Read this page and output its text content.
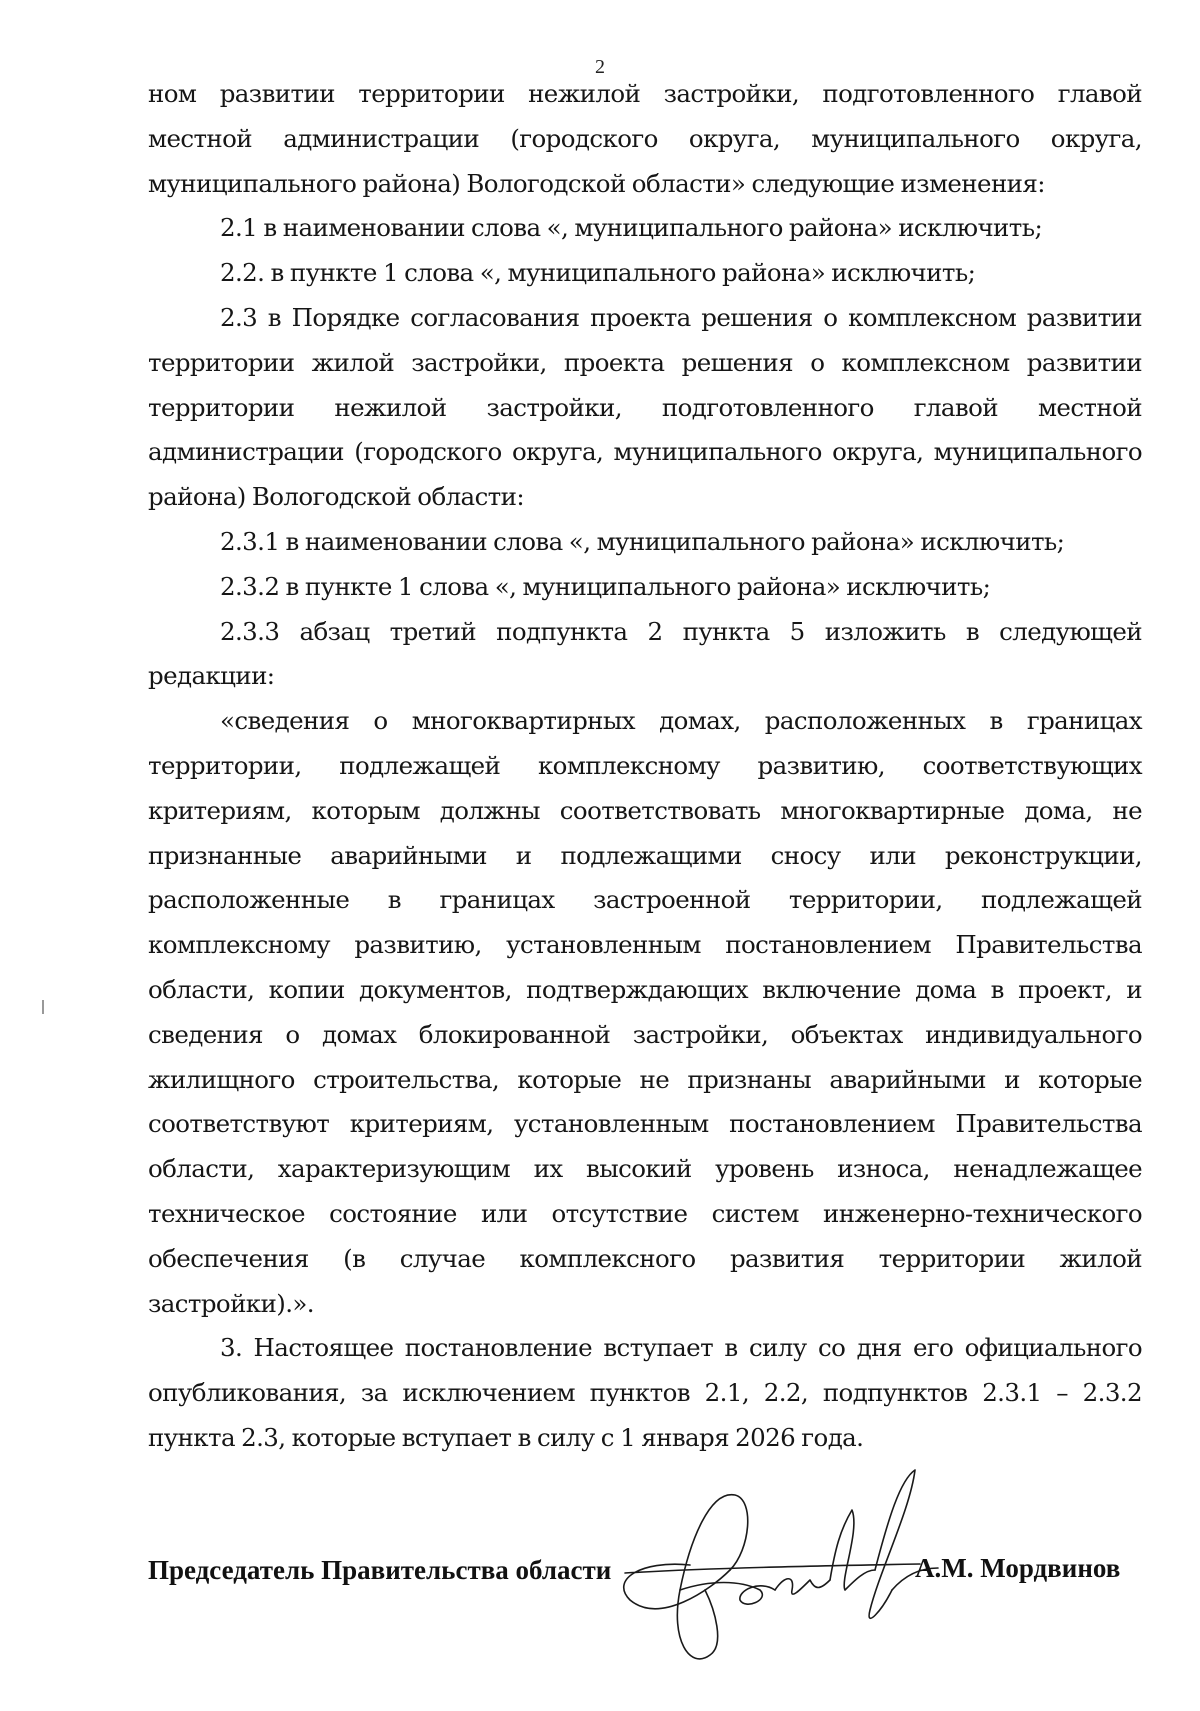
2

ном развитии территории нежилой застройки, подготовленного главой местной администрации (городского округа, муниципального округа, муниципального района) Вологодской области» следующие изменения:

2.1 в наименовании слова «, муниципального района» исключить;

2.2. в пункте 1 слова «, муниципального района» исключить;

2.3 в Порядке согласования проекта решения о комплексном развитии территории жилой застройки, проекта решения о комплексном развитии территории нежилой застройки, подготовленного главой местной администрации (городского округа, муниципального округа, муниципального района) Вологодской области:

2.3.1 в наименовании слова «, муниципального района» исключить;

2.3.2 в пункте 1 слова «, муниципального района» исключить;

2.3.3 абзац третий подпункта 2 пункта 5 изложить в следующей редакции:

«сведения о многоквартирных домах, расположенных в границах территории, подлежащей комплексному развитию, соответствующих критериям, которым должны соответствовать многоквартирные дома, не признанные аварийными и подлежащими сносу или реконструкции, расположенные в границах застроенной территории, подлежащей комплексному развитию, установленным постановлением Правительства области, копии документов, подтверждающих включение дома в проект, и сведения о домах блокированной застройки, объектах индивидуального жилищного строительства, которые не признаны аварийными и которые соответствуют критериям, установленным постановлением Правительства области, характеризующим их высокий уровень износа, ненадлежащее техническое состояние или отсутствие систем инженерно-технического обеспечения (в случае комплексного развития территории жилой застройки).».

3. Настоящее постановление вступает в силу со дня его официального опубликования, за исключением пунктов 2.1, 2.2, подпунктов 2.3.1 – 2.3.2 пункта 2.3, которые вступает в силу с 1 января 2026 года.

Председатель Правительства области	А.М. Мордвинов
